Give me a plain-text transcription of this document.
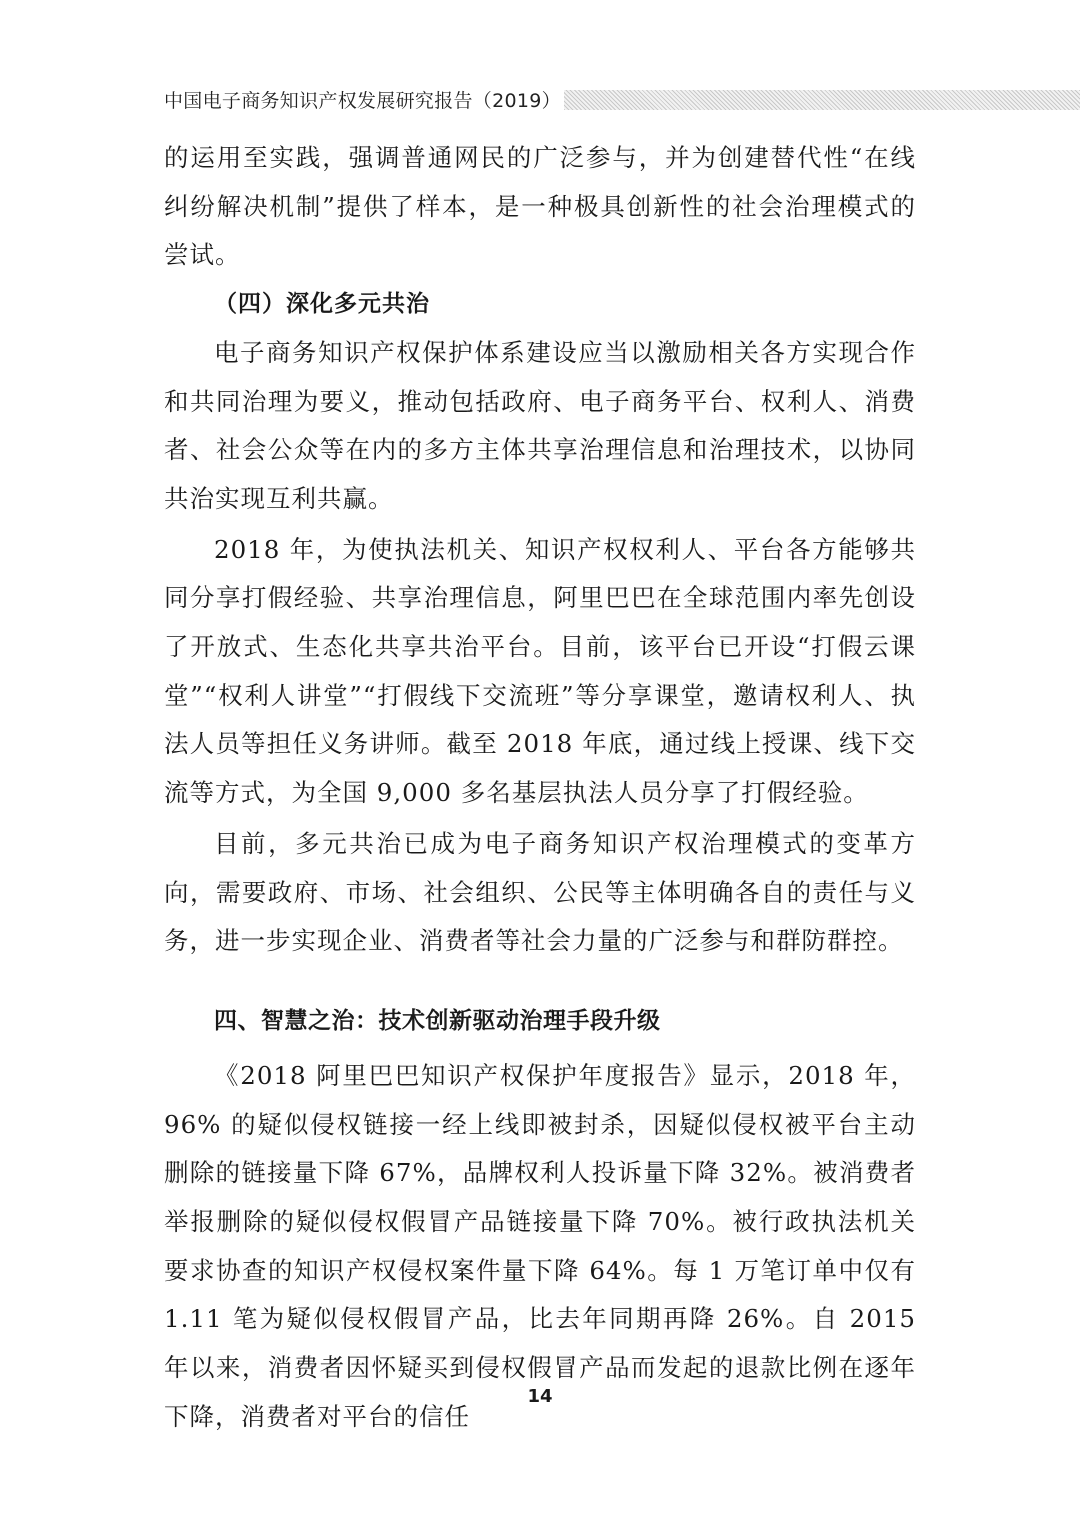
中国电子商务知识产权发展研究报告（2019）

的运用至实践，强调普通网民的广泛参与，并为创建替代性“在线纠纷解决机制”提供了样本，是一种极具创新性的社会治理模式的尝试。

（四）深化多元共治

电子商务知识产权保护体系建设应当以激励相关各方实现合作和共同治理为要义，推动包括政府、电子商务平台、权利人、消费者、社会公众等在内的多方主体共享治理信息和治理技术，以协同共治实现互利共赢。

2018 年，为使执法机关、知识产权权利人、平台各方能够共同分享打假经验、共享治理信息，阿里巴巴在全球范围内率先创设了开放式、生态化共享共治平台。目前，该平台已开设“打假云课堂”“权利人讲堂”“打假线下交流班”等分享课堂，邀请权利人、执法人员等担任义务讲师。截至 2018 年底，通过线上授课、线下交流等方式，为全国 9,000 多名基层执法人员分享了打假经验。

目前，多元共治已成为电子商务知识产权治理模式的变革方向，需要政府、市场、社会组织、公民等主体明确各自的责任与义务，进一步实现企业、消费者等社会力量的广泛参与和群防群控。

四、智慧之治：技术创新驱动治理手段升级

《2018 阿里巴巴知识产权保护年度报告》显示，2018 年，96% 的疑似侵权链接一经上线即被封杀，因疑似侵权被平台主动删除的链接量下降 67%，品牌权利人投诉量下降 32%。被消费者举报删除的疑似侵权假冒产品链接量下降 70%。被行政执法机关要求协查的知识产权侵权案件量下降 64%。每 1 万笔订单中仅有 1.11 笔为疑似侵权假冒产品，比去年同期再降 26%。自 2015 年以来，消费者因怀疑买到侵权假冒产品而发起的退款比例在逐年下降，消费者对平台的信任

14
